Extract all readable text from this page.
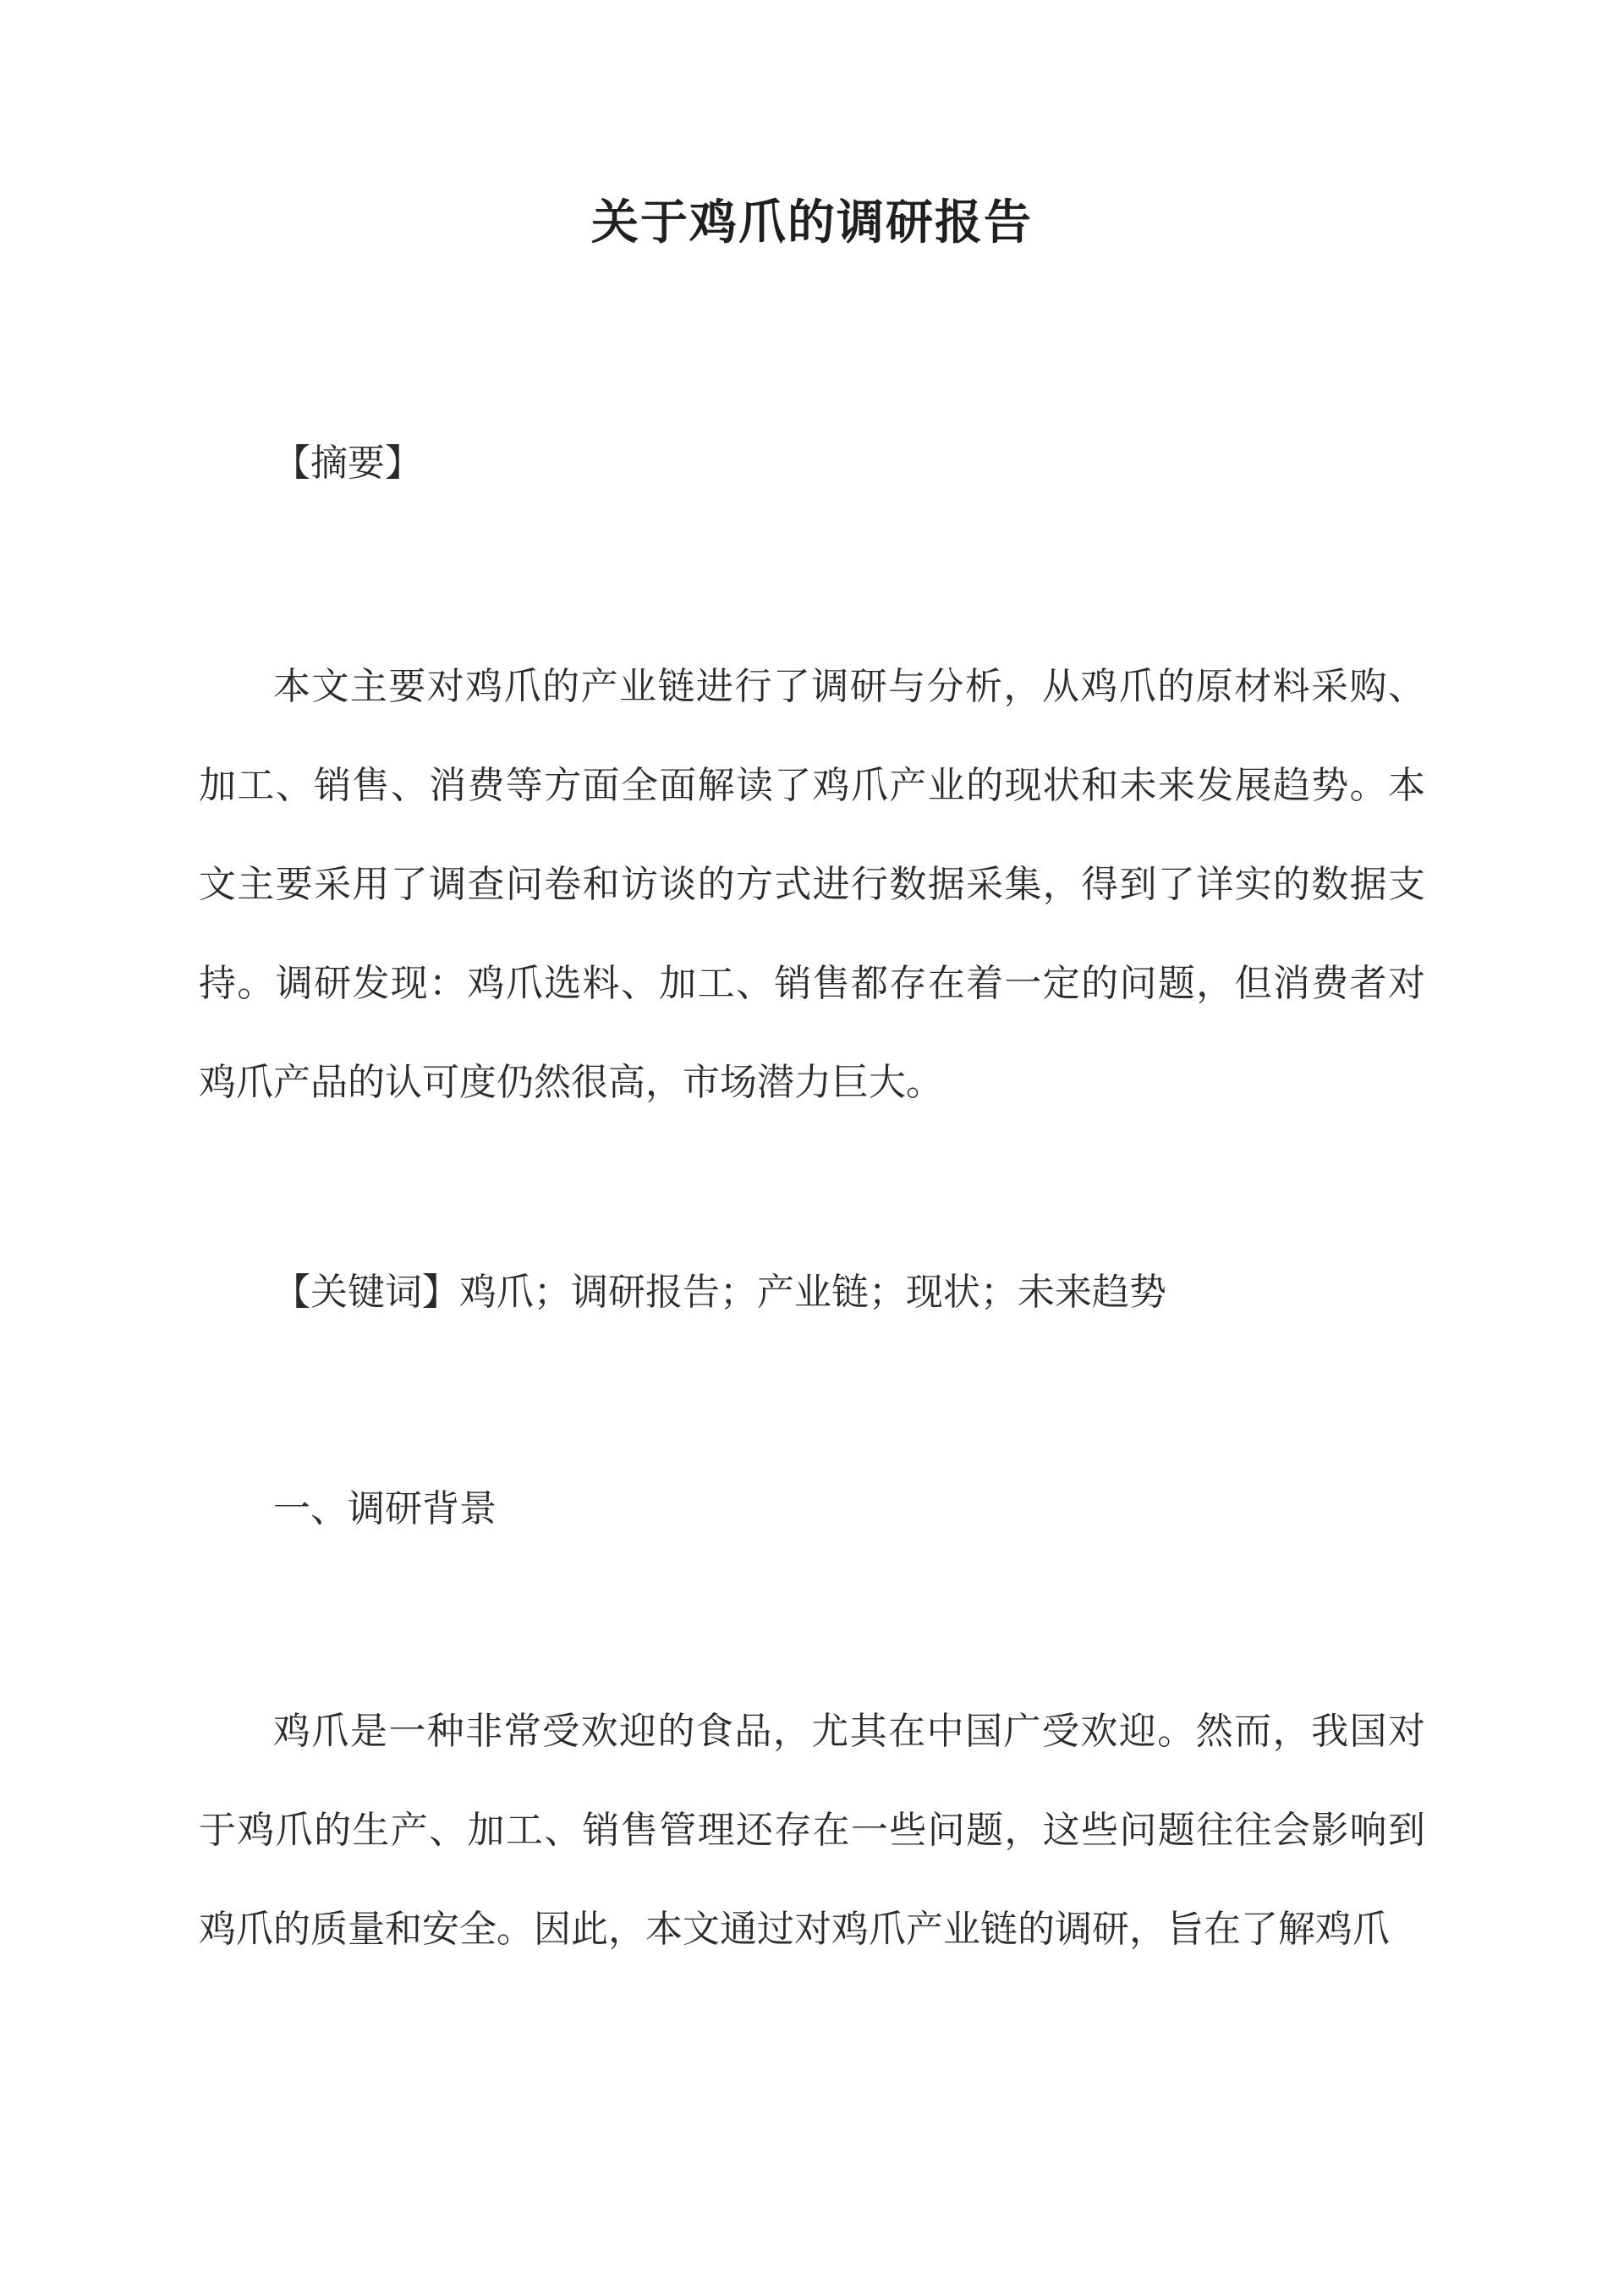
关于鸡爪的调研报告
【摘要】

本文主要对鸡爪的产业链进行了调研与分析，从鸡爪的原材料采购、加工、销售、消费等方面全面解读了鸡爪产业的现状和未来发展趋势。本文主要采用了调查问卷和访谈的方式进行数据采集，得到了详实的数据支持。调研发现：鸡爪选料、加工、销售都存在着一定的问题，但消费者对鸡爪产品的认可度仍然很高，市场潜力巨大。

【关键词】鸡爪；调研报告；产业链；现状；未来趋势
一、调研背景

鸡爪是一种非常受欢迎的食品，尤其在中国广受欢迎。然而，我国对于鸡爪的生产、加工、销售管理还存在一些问题，这些问题往往会影响到鸡爪的质量和安全。因此，本文通过对鸡爪产业链的调研，旨在了解鸡爪
